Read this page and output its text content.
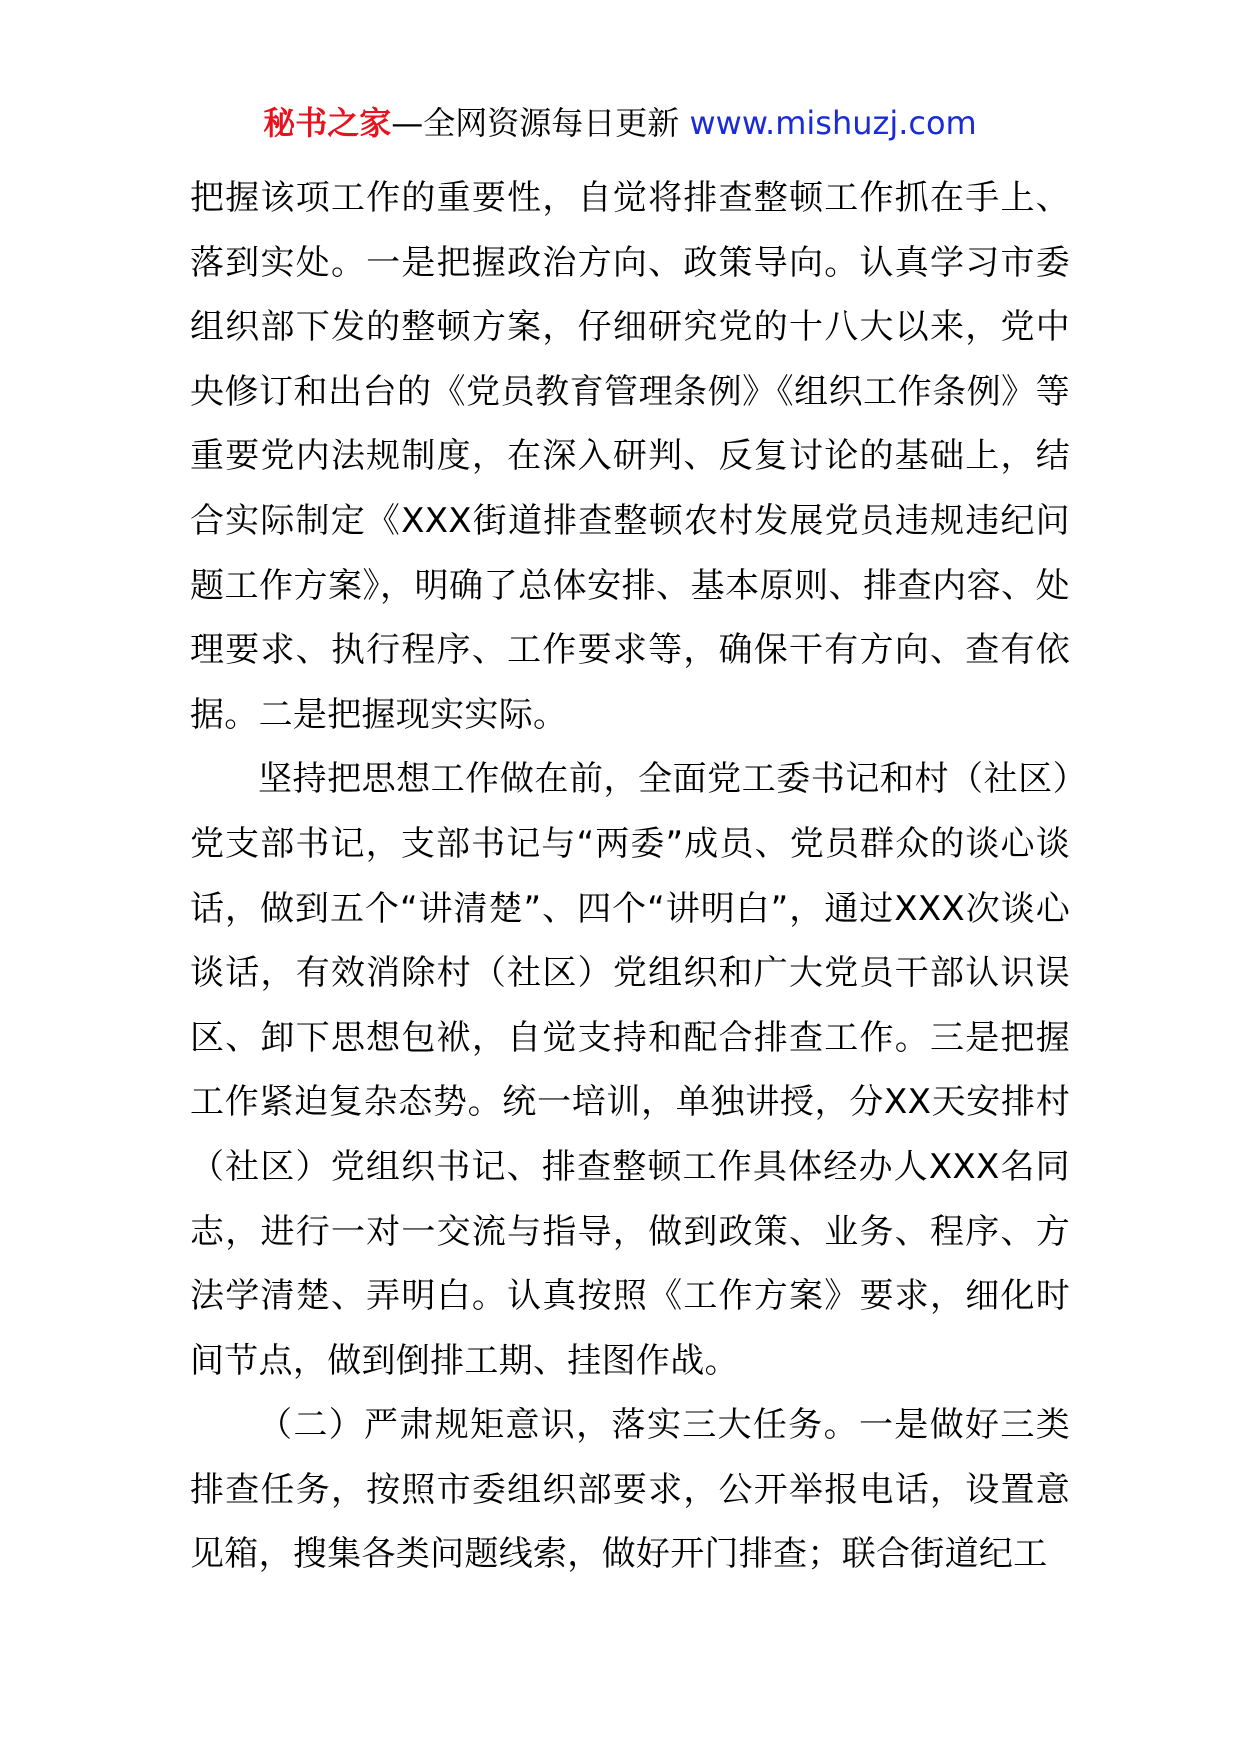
秘书之家—全网资源每日更新 www.mishuzj.com

把握该项工作的重要性，自觉将排查整顿工作抓在手上、落到实处。一是把握政治方向、政策导向。认真学习市委组织部下发的整顿方案，仔细研究党的十八大以来，党中央修订和出台的《党员教育管理条例》《组织工作条例》等重要党内法规制度，在深入研判、反复讨论的基础上，结合实际制定《XXX街道排查整顿农村发展党员违规违纪问题工作方案》，明确了总体安排、基本原则、排查内容、处理要求、执行程序、工作要求等，确保干有方向、查有依据。二是把握现实实际。

坚持把思想工作做在前，全面党工委书记和村（社区）党支部书记，支部书记与“两委”成员、党员群众的谈心谈话，做到五个“讲清楚”、四个“讲明白”，通过XXX次谈心谈话，有效消除村（社区）党组织和广大党员干部认识误区、卸下思想包袱，自觉支持和配合排查工作。三是把握工作紧迫复杂态势。统一培训，单独讲授，分XX天安排村（社区）党组织书记、排查整顿工作具体经办人XXX名同志，进行一对一交流与指导，做到政策、业务、程序、方法学清楚、弄明白。认真按照《工作方案》要求，细化时间节点，做到倒排工期、挂图作战。

（二）严肃规矩意识，落实三大任务。一是做好三类排查任务，按照市委组织部要求，公开举报电话，设置意见箱，搜集各类问题线索，做好开门排查；联合街道纪工
